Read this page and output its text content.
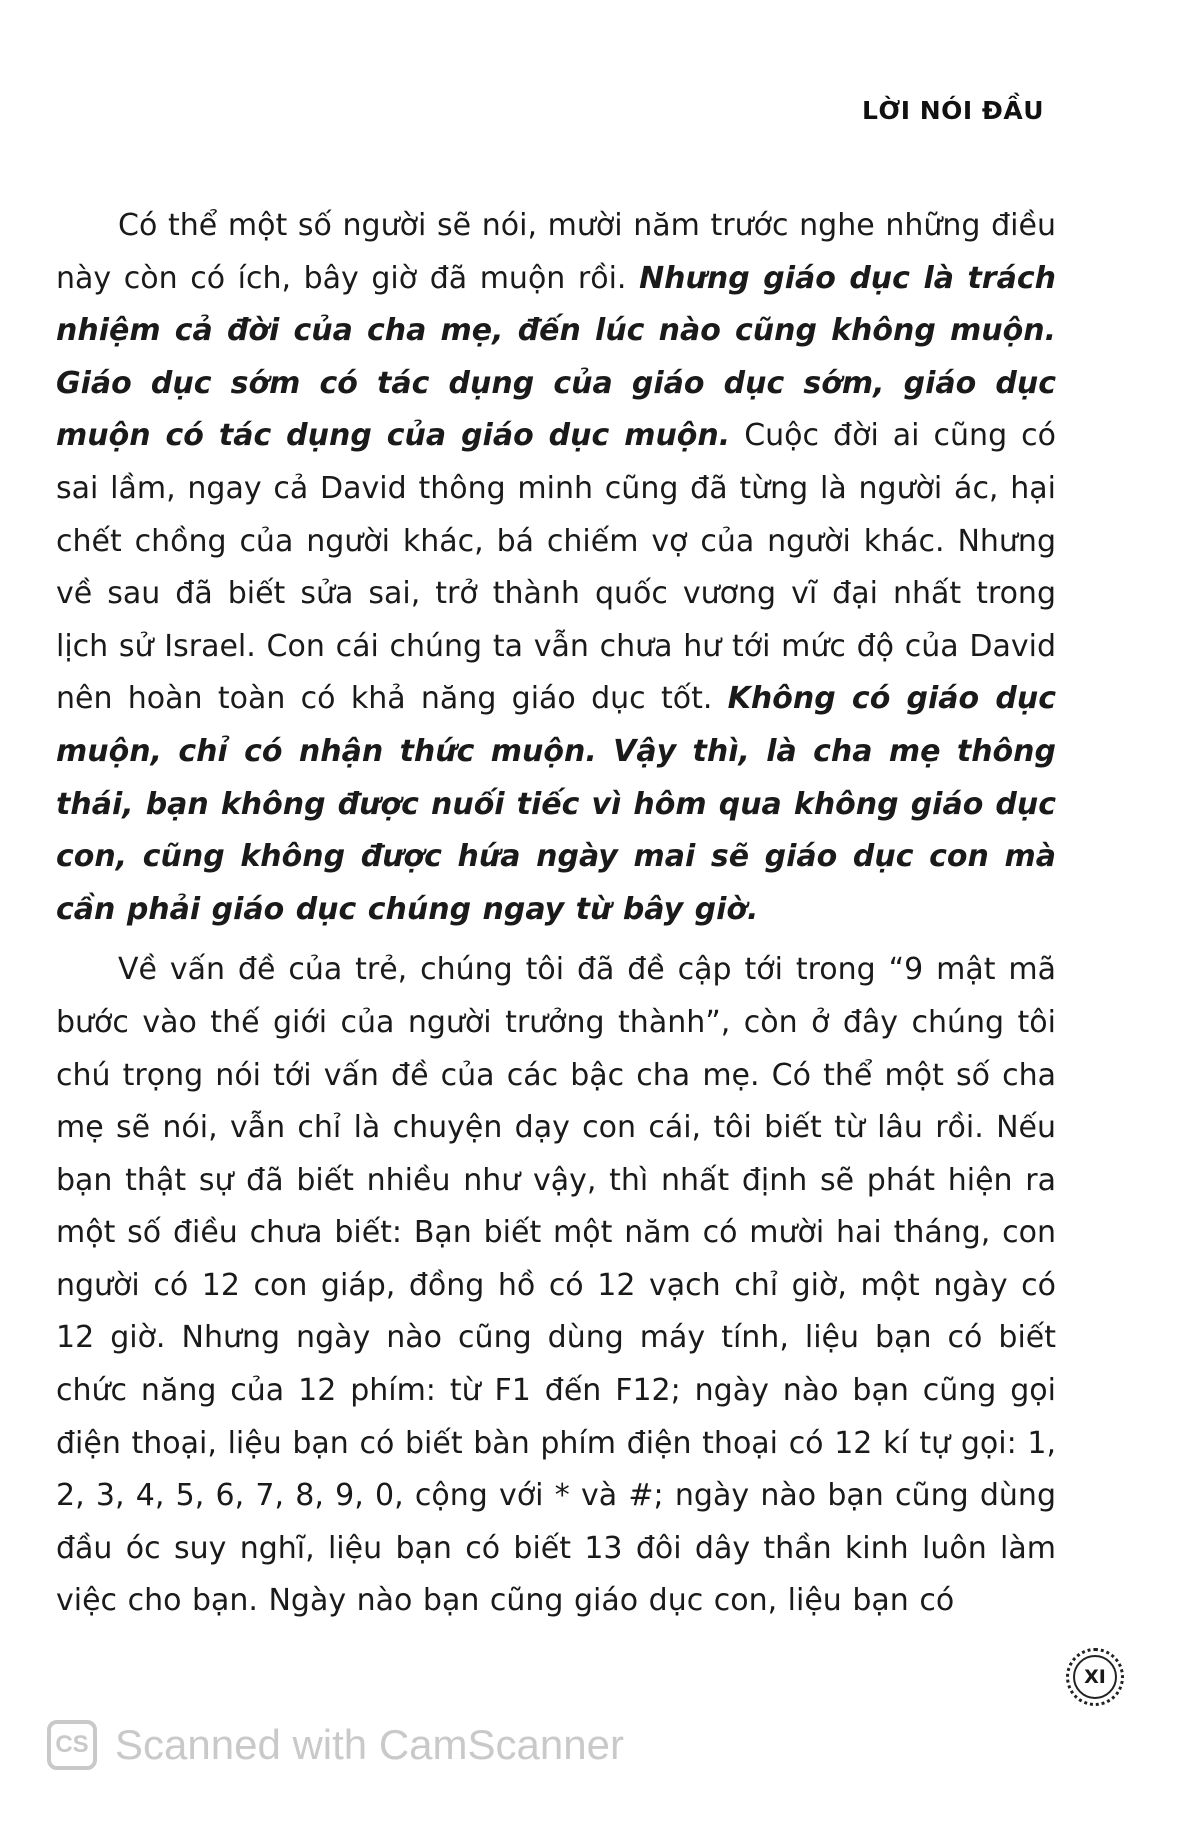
LỜI NÓI ĐẦU

Có thể một số người sẽ nói, mười năm trước nghe những điều này còn có ích, bây giờ đã muộn rồi. Nhưng giáo dục là trách nhiệm cả đời của cha mẹ, đến lúc nào cũng không muộn. Giáo dục sớm có tác dụng của giáo dục sớm, giáo dục muộn có tác dụng của giáo dục muộn. Cuộc đời ai cũng có sai lầm, ngay cả David thông minh cũng đã từng là người ác, hại chết chồng của người khác, bá chiếm vợ của người khác. Nhưng về sau đã biết sửa sai, trở thành quốc vương vĩ đại nhất trong lịch sử Israel. Con cái chúng ta vẫn chưa hư tới mức độ của David nên hoàn toàn có khả năng giáo dục tốt. Không có giáo dục muộn, chỉ có nhận thức muộn. Vậy thì, là cha mẹ thông thái, bạn không được nuối tiếc vì hôm qua không giáo dục con, cũng không được hứa ngày mai sẽ giáo dục con mà cần phải giáo dục chúng ngay từ bây giờ.

Về vấn đề của trẻ, chúng tôi đã đề cập tới trong “9 mật mã bước vào thế giới của người trưởng thành”, còn ở đây chúng tôi chú trọng nói tới vấn đề của các bậc cha mẹ. Có thể một số cha mẹ sẽ nói, vẫn chỉ là chuyện dạy con cái, tôi biết từ lâu rồi. Nếu bạn thật sự đã biết nhiều như vậy, thì nhất định sẽ phát hiện ra một số điều chưa biết: Bạn biết một năm có mười hai tháng, con người có 12 con giáp, đồng hồ có 12 vạch chỉ giờ, một ngày có 12 giờ. Nhưng ngày nào cũng dùng máy tính, liệu bạn có biết chức năng của 12 phím: từ F1 đến F12; ngày nào bạn cũng gọi điện thoại, liệu bạn có biết bàn phím điện thoại có 12 kí tự gọi: 1, 2, 3, 4, 5, 6, 7, 8, 9, 0, cộng với * và #; ngày nào bạn cũng dùng đầu óc suy nghĩ, liệu bạn có biết 13 đôi dây thần kinh luôn làm việc cho bạn. Ngày nào bạn cũng giáo dục con, liệu bạn có

XI
CS Scanned with CamScanner
